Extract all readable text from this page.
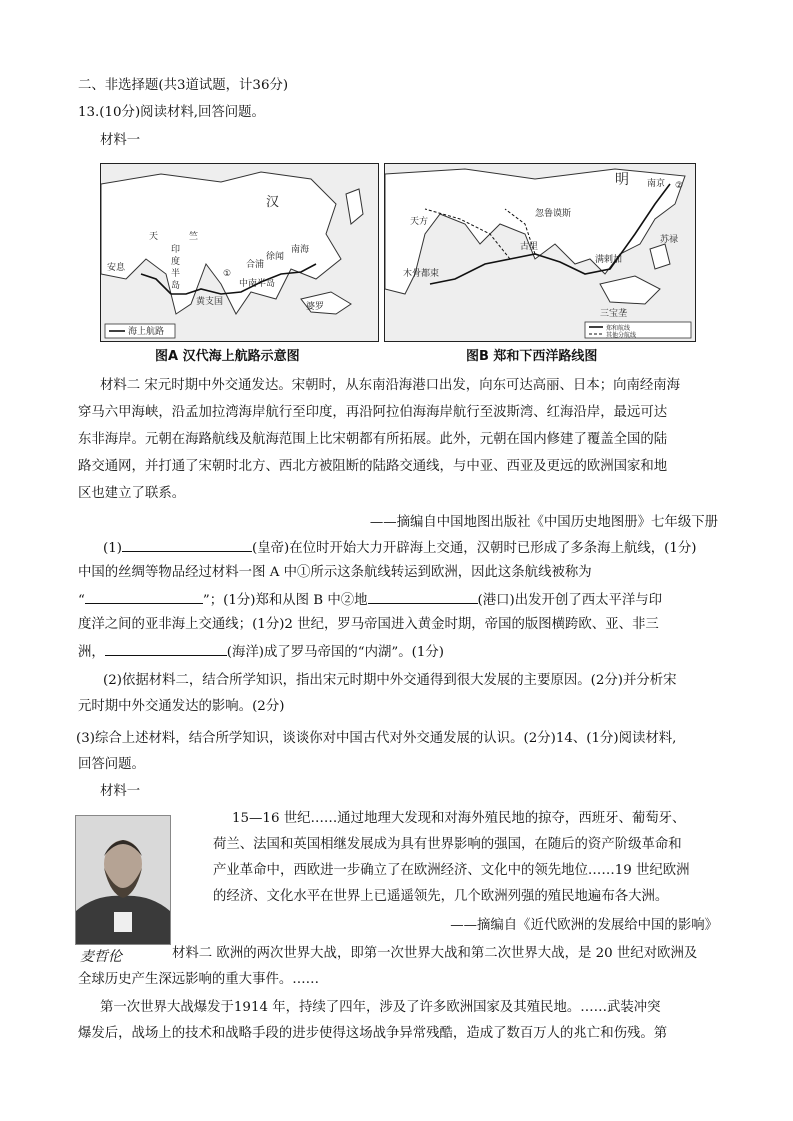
二、非选择题(共3道试题，计36分)
13.(10分)阅读材料,回答问题。
材料一
海上航路
汉
天	竺
印
度
半
岛
安息
徐闻
南海
合浦
中南半岛
黄支国	婆罗
①
图A 汉代海上航路示意图
郑和航线
其他分航线
明 南京
天方
忽鲁谟斯
古里
木骨都束
满剌加
苏禄
三宝垄
②
图B 郑和下西洋路线图
材料二 宋元时期中外交通发达。宋朝时，从东南沿海港口出发，向东可达高丽、日本；向南经南海
穿马六甲海峡，沿孟加拉湾海岸航行至印度，再沿阿拉伯海海岸航行至波斯湾、红海沿岸，最远可达
东非海岸。元朝在海路航线及航海范围上比宋朝都有所拓展。此外，元朝在国内修建了覆盖全国的陆
路交通网，并打通了宋朝时北方、西北方被阻断的陆路交通线，与中亚、西亚及更远的欧洲国家和地
区也建立了联系。
——摘编自中国地图出版社《中国历史地图册》七年级下册
(1)	(皇帝)在位时开始大力开辟海上交通，汉朝时已形成了多条海上航线，(1分)
中国的丝绸等物品经过材料一图 A 中①所示这条航线转运到欧洲，因此这条航线被称为
“	”；(1分)郑和从图 B 中②地	(港口)出发开创了西太平洋与印
度洋之间的亚非海上交通线；(1分)2 世纪，罗马帝国进入黄金时期，帝国的版图横跨欧、亚、非三
洲，	(海洋)成了罗马帝国的“内湖”。(1分)
(2)依据材料二，结合所学知识，指出宋元时期中外交通得到很大发展的主要原因。(2分)并分析宋
元时期中外交通发达的影响。(2分)
(3)综合上述材料，结合所学知识，谈谈你对中国古代对外交通发展的认识。(2分)14、(1分)阅读材料,
回答问题。
材料一
麦哲伦
15—16 世纪……通过地理大发现和对海外殖民地的掠夺，西班牙、葡萄牙、
荷兰、法国和英国相继发展成为具有世界影响的强国，在随后的资产阶级革命和
产业革命中，西欧进一步确立了在欧洲经济、文化中的领先地位……19 世纪欧洲
的经济、文化水平在世界上已遥遥领先，几个欧洲列强的殖民地遍布各大洲。
——摘编自《近代欧洲的发展给中国的影响》
材料二 欧洲的两次世界大战，即第一次世界大战和第二次世界大战，是 20 世纪对欧洲及
全球历史产生深远影响的重大事件。……
第一次世界大战爆发于1914 年，持续了四年，涉及了许多欧洲国家及其殖民地。……武装冲突
爆发后，战场上的技术和战略手段的进步使得这场战争异常残酷，造成了数百万人的兆亡和伤残。第
